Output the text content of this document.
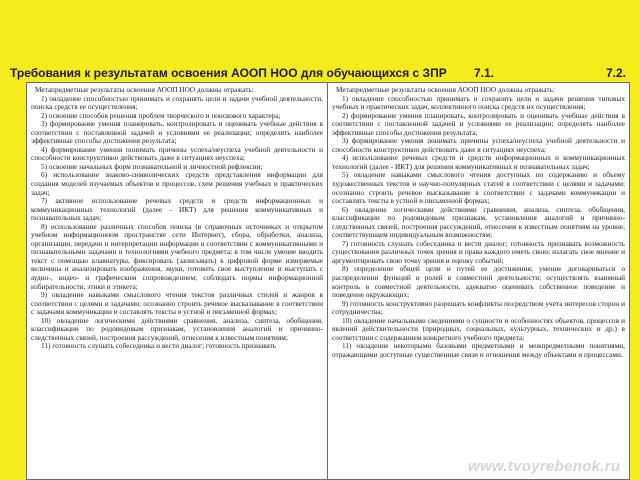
Требования к результатам освоения АООП НОО для обучающихся с ЗПР 7.1.	7.2.

Метапредметные результаты освоения АООП НОО должны отражать:

1) овладение способностью принимать и сохранять цели и задачи учебной деятельности, поиска средств ее осуществления;

2) освоение способов решения проблем творческого и поискового характера;

3) формирование умения планировать, контролировать и оценивать учебные действия в соответствии с поставленной задачей и условиями ее реализации; определять наиболее эффективные способы достижения результата;

4) формирование умения понимать причины успеха/неуспеха учебной деятельности и способности конструктивно действовать даже в ситуациях неуспеха;

5) освоение начальных форм познавательной и личностной рефлексии;

6) использование знаково-символических средств представления информации для создания моделей изучаемых объектов и процессов, схем решения учебных и практических задач;

7) активное использование речевых средств и средств информационных и коммуникационных технологий (далее - ИКТ) для решения коммуникативных и познавательных задач;

8) использование различных способов поиска (в справочных источниках и открытом учебном информационном пространстве сети Интернет), сбора, обработки, анализа, организации, передачи и интерпретации информации в соответствии с коммуникативными и познавательными задачами и технологиями учебного предмета; в том числе умение вводить текст с помощью клавиатуры, фиксировать (записывать) в цифровой форме измеряемые величины и анализировать изображения, звуки, готовить свое выступление и выступать с аудио-, видео- и графическим сопровождением; соблюдать нормы информационной избирательности, этики и этикета;

9) овладение навыками смыслового чтения текстов различных стилей и жанров в соответствии с целями и задачами; осознанно строить речевое высказывание в соответствии с задачами коммуникации и составлять тексты в устной и письменной формах;

10) овладение логическими действиями сравнения, анализа, синтеза, обобщения, классификации по родовидовым признакам, установления аналогий и причинно-следственных связей, построения рассуждений, отнесения к известным понятиям;

11) готовность слушать собеседника и вести диалог; готовность признавать

Метапредметные результаты освоения АООП НОО должны отражать:

1) овладение способностью принимать и сохранять цели и задачи решения типовых учебных и практических задач, коллективного поиска средств их осуществления;

2) формирование умения планировать, контролировать и оценивать учебные действия в соответствии с поставленной задачей и условиями ее реализации; определять наиболее эффективные способы достижения результата;

3) формирование умения понимать причины успеха/неуспеха учебной деятельности и способности конструктивно действовать даже в ситуациях неуспеха;

4) использование речевых средств и средств информационных и коммуникационных технологий (далее - ИКТ) для решения коммуникативных и познавательных задач;

5) овладение навыками смыслового чтения доступных по содержанию и объему художественных текстов и научно-популярных статей в соответствии с целями и задачами; осознанно строить речевое высказывание в соответствии с задачами коммуникации и составлять тексты в устной и письменной формах;

6) овладение логическими действиями сравнения, анализа, синтеза, обобщения, классификации по родовидовым признакам, установления аналогий и причинно-следственных связей, построения рассуждений, отнесения к известным понятиям на уровне, соответствующем индивидуальным возможностям;

7) готовность слушать собеседника и вести диалог; готовность признавать возможность существования различных точек зрения и права каждого иметь свою; излагать свое мнение и аргументировать свою точку зрения и оценку событий;

8) определение общей цели и путей ее достижения; умение договариваться о распределении функций и ролей в совместной деятельности; осуществлять взаимный контроль в совместной деятельности, адекватно оценивать собственное поведение и поведение окружающих;

9) готовность конструктивно разрешать конфликты посредством учета интересов сторон и сотрудничества;

10) овладение начальными сведениями о сущности и особенностях объектов, процессов и явлений действительности (природных, социальных, культурных, технических и др.) в соответствии с содержанием конкретного учебного предмета;

11) овладение некоторыми базовыми предметными и межпредметными понятиями, отражающими доступные существенные связи и отношения между объектами и процессами.

www.tvoyrebenok.ru
